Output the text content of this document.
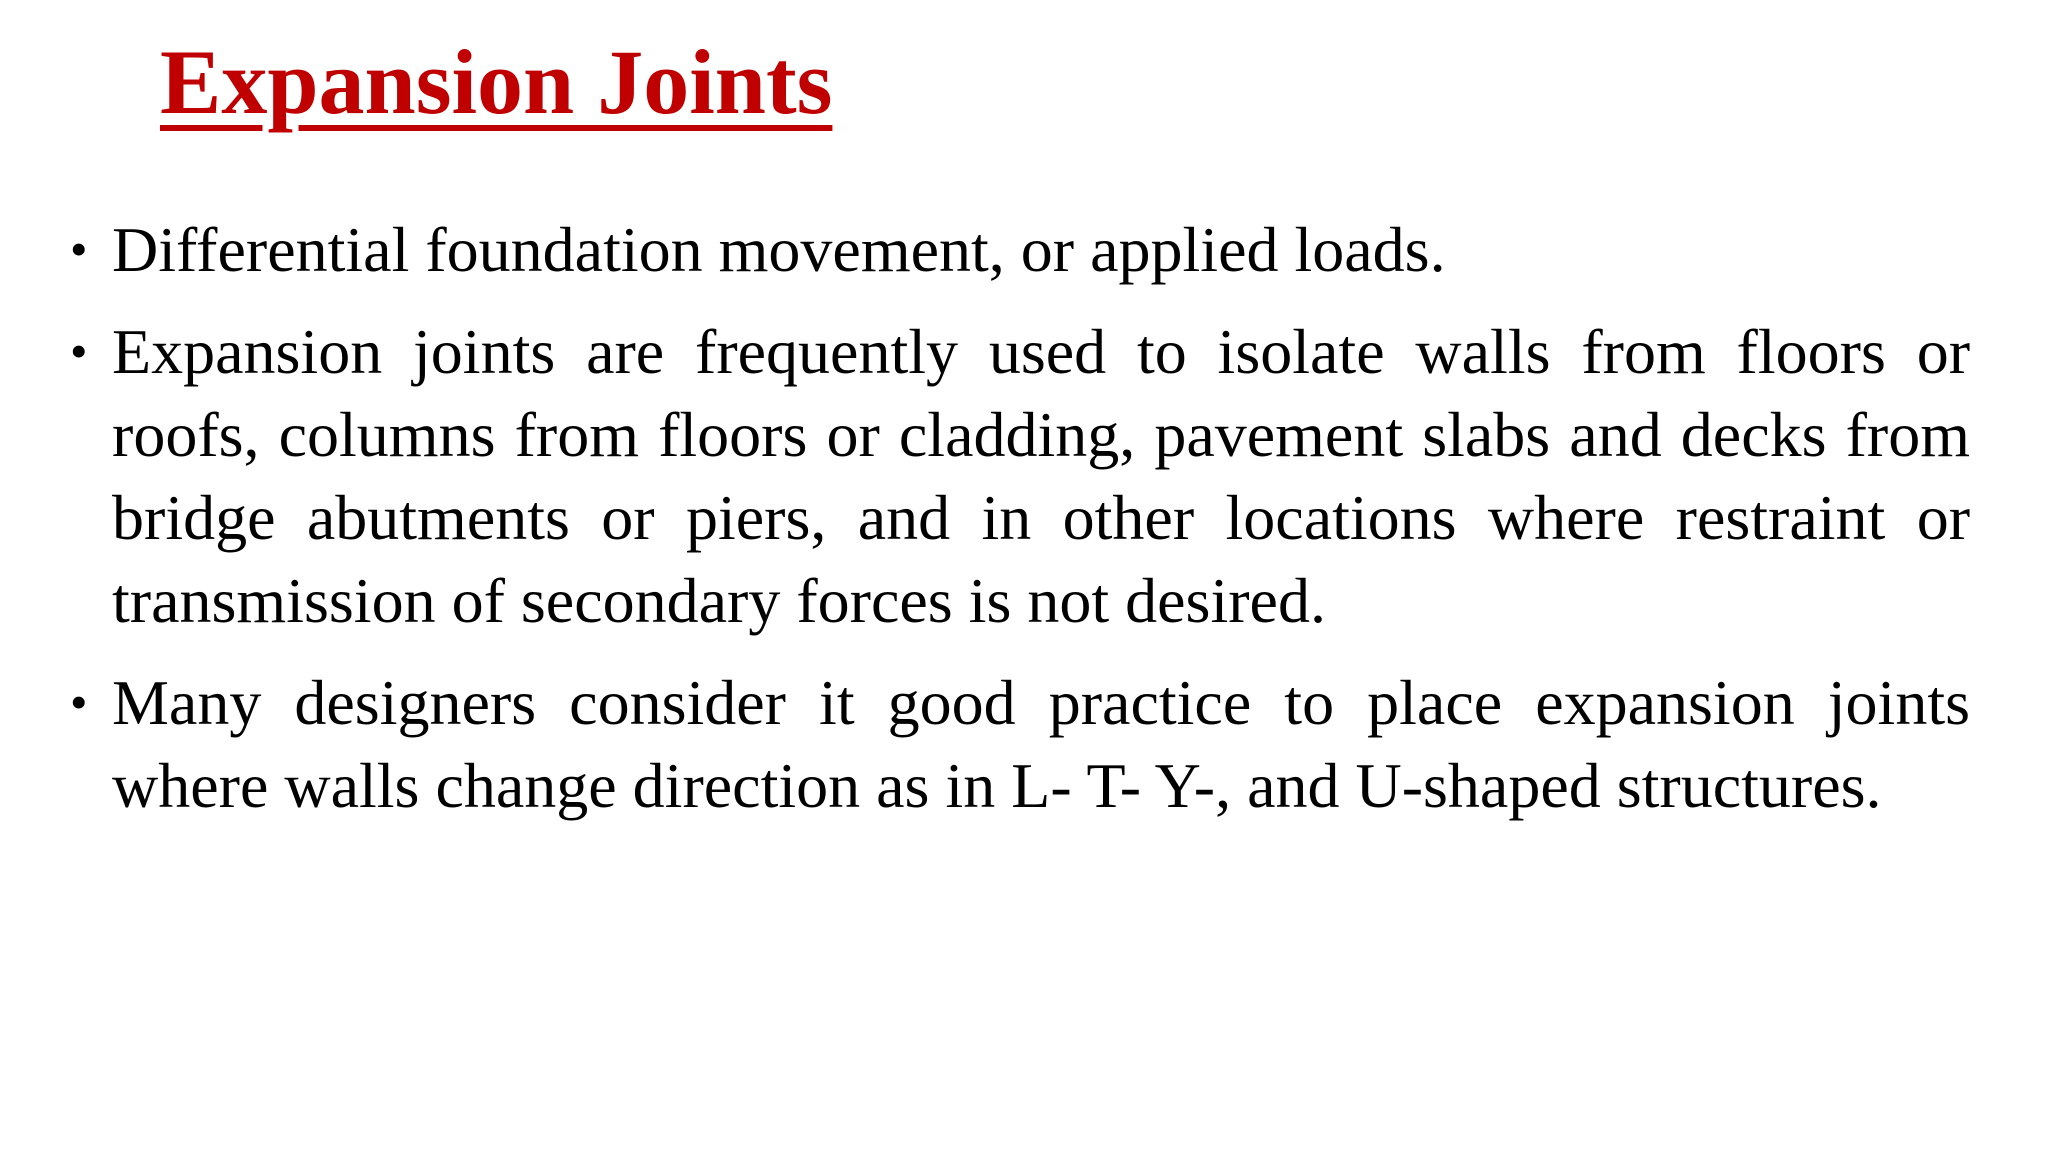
Expansion Joints
• Differential foundation movement, or applied loads.
• Expansion joints are frequently used to isolate walls from floors or roofs, columns from floors or cladding, pavement slabs and decks from bridge abutments or piers, and in other locations where restraint or transmission of secondary forces is not desired.
• Many designers consider it good practice to place expansion joints where walls change direction as in L- T- Y-, and U-shaped structures.
